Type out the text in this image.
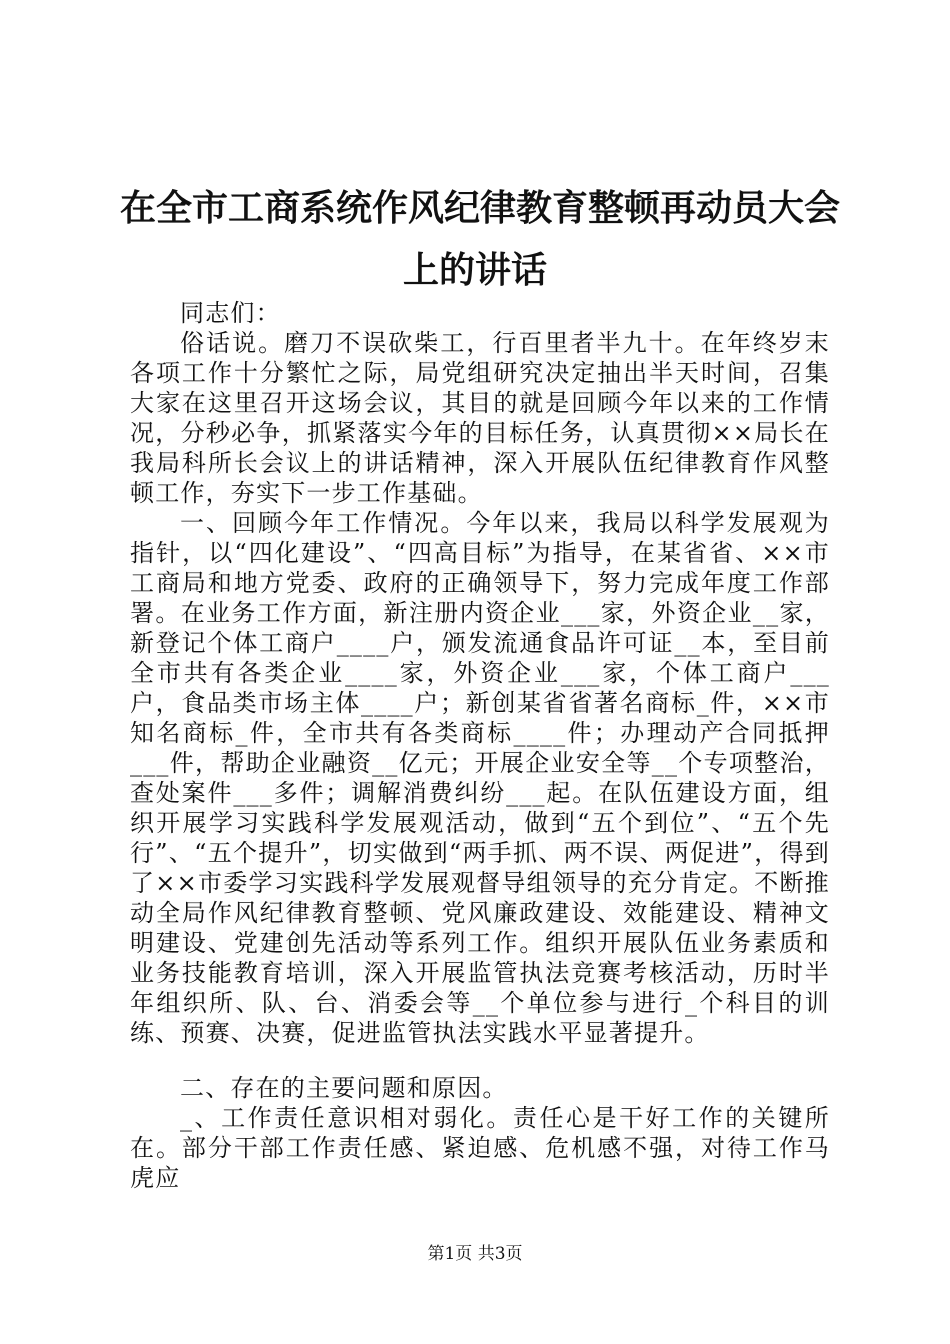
在全市工商系统作风纪律教育整顿再动员大会
上的讲话

同志们：

俗话说。磨刀不误砍柴工，行百里者半九十。在年终岁末各项工作十分繁忙之际，局党组研究决定抽出半天时间，召集大家在这里召开这场会议，其目的就是回顾今年以来的工作情况，分秒必争，抓紧落实今年的目标任务，认真贯彻××局长在我局科所长会议上的讲话精神，深入开展队伍纪律教育作风整顿工作，夯实下一步工作基础。

一、回顾今年工作情况。今年以来，我局以科学发展观为指针，以“四化建设”、“四高目标”为指导，在某省省、××市工商局和地方党委、政府的正确领导下，努力完成年度工作部署。在业务工作方面，新注册内资企业___家，外资企业__家，新登记个体工商户____户，颁发流通食品许可证__本，至目前全市共有各类企业____家，外资企业___家，个体工商户___户，食品类市场主体____户；新创某省省著名商标_件，××市知名商标_件，全市共有各类商标____件；办理动产合同抵押___件，帮助企业融资__亿元；开展企业安全等__个专项整治，查处案件___多件；调解消费纠纷___起。在队伍建设方面，组织开展学习实践科学发展观活动，做到“五个到位”、“五个先行”、“五个提升”，切实做到“两手抓、两不误、两促进”，得到了××市委学习实践科学发展观督导组领导的充分肯定。不断推动全局作风纪律教育整顿、党风廉政建设、效能建设、精神文明建设、党建创先活动等系列工作。组织开展队伍业务素质和业务技能教育培训，深入开展监管执法竞赛考核活动，历时半年组织所、队、台、消委会等__个单位参与进行_个科目的训练、预赛、决赛，促进监管执法实践水平显著提升。

二、存在的主要问题和原因。

_、工作责任意识相对弱化。责任心是干好工作的关键所在。部分干部工作责任感、紧迫感、危机感不强，对待工作马虎应

第1页 共3页
